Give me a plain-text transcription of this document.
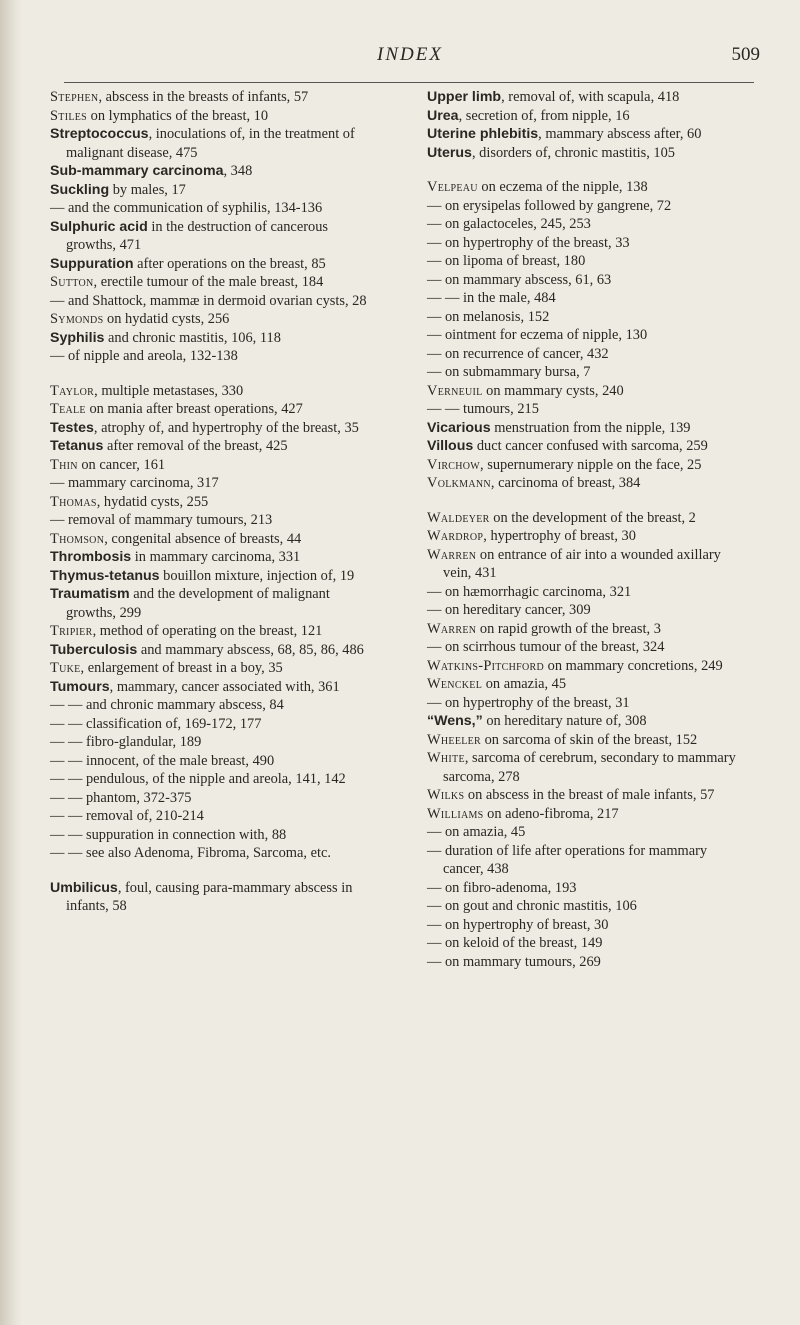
INDEX	509
Stephen, abscess in the breasts of infants, 57
Stiles on lymphatics of the breast, 10
Streptococcus, inoculations of, in the treatment of malignant disease, 475
Sub-mammary carcinoma, 348
Suckling by males, 17
— and the communication of syphilis, 134-136
Sulphuric acid in the destruction of cancerous growths, 471
Suppuration after operations on the breast, 85
Sutton, erectile tumour of the male breast, 184
— and Shattock, mammæ in dermoid ovarian cysts, 28
Symonds on hydatid cysts, 256
Syphilis and chronic mastitis, 106, 118
— of nipple and areola, 132-138
Taylor, multiple metastases, 330
Teale on mania after breast operations, 427
Testes, atrophy of, and hypertrophy of the breast, 35
Tetanus after removal of the breast, 425
Thin on cancer, 161
— mammary carcinoma, 317
Thomas, hydatid cysts, 255
— removal of mammary tumours, 213
Thomson, congenital absence of breasts, 44
Thrombosis in mammary carcinoma, 331
Thymus-tetanus bouillon mixture, injection of, 19
Traumatism and the development of malignant growths, 299
Tripier, method of operating on the breast, 121
Tuberculosis and mammary abscess, 68, 85, 86, 486
Tuke, enlargement of breast in a boy, 35
Tumours, mammary, cancer associated with, 361
— — and chronic mammary abscess, 84
— — classification of, 169-172, 177
— — fibro-glandular, 189
— — innocent, of the male breast, 490
— — pendulous, of the nipple and areola, 141, 142
— — phantom, 372-375
— — removal of, 210-214
— — suppuration in connection with, 88
— — see also Adenoma, Fibroma, Sarcoma, etc.
Umbilicus, foul, causing para-mammary abscess in infants, 58
Upper limb, removal of, with scapula, 418
Urea, secretion of, from nipple, 16
Uterine phlebitis, mammary abscess after, 60
Uterus, disorders of, chronic mastitis, 105
Velpeau on eczema of the nipple, 138
— on erysipelas followed by gangrene, 72
— on galactoceles, 245, 253
— on hypertrophy of the breast, 33
— on lipoma of breast, 180
— on mammary abscess, 61, 63
— — in the male, 484
— on melanosis, 152
— ointment for eczema of nipple, 130
— on recurrence of cancer, 432
— on submammary bursa, 7
Verneuil on mammary cysts, 240
— — tumours, 215
Vicarious menstruation from the nipple, 139
Villous duct cancer confused with sarcoma, 259
Virchow, supernumerary nipple on the face, 25
Volkmann, carcinoma of breast, 384
Waldeyer on the development of the breast, 2
Wardrop, hypertrophy of breast, 30
Warren on entrance of air into a wounded axillary vein, 431
— on hæmorrhagic carcinoma, 321
— on hereditary cancer, 309
Warren on rapid growth of the breast, 3
— on scirrhous tumour of the breast, 324
Watkins-Pitchford on mammary concretions, 249
Wenckel on amazia, 45
— on hypertrophy of the breast, 31
“Wens,” on hereditary nature of, 308
Wheeler on sarcoma of skin of the breast, 152
White, sarcoma of cerebrum, secondary to mammary sarcoma, 278
Wilks on abscess in the breast of male infants, 57
Williams on adeno-fibroma, 217
— on amazia, 45
— duration of life after operations for mammary cancer, 438
— on fibro-adenoma, 193
— on gout and chronic mastitis, 106
— on hypertrophy of breast, 30
— on keloid of the breast, 149
— on mammary tumours, 269
